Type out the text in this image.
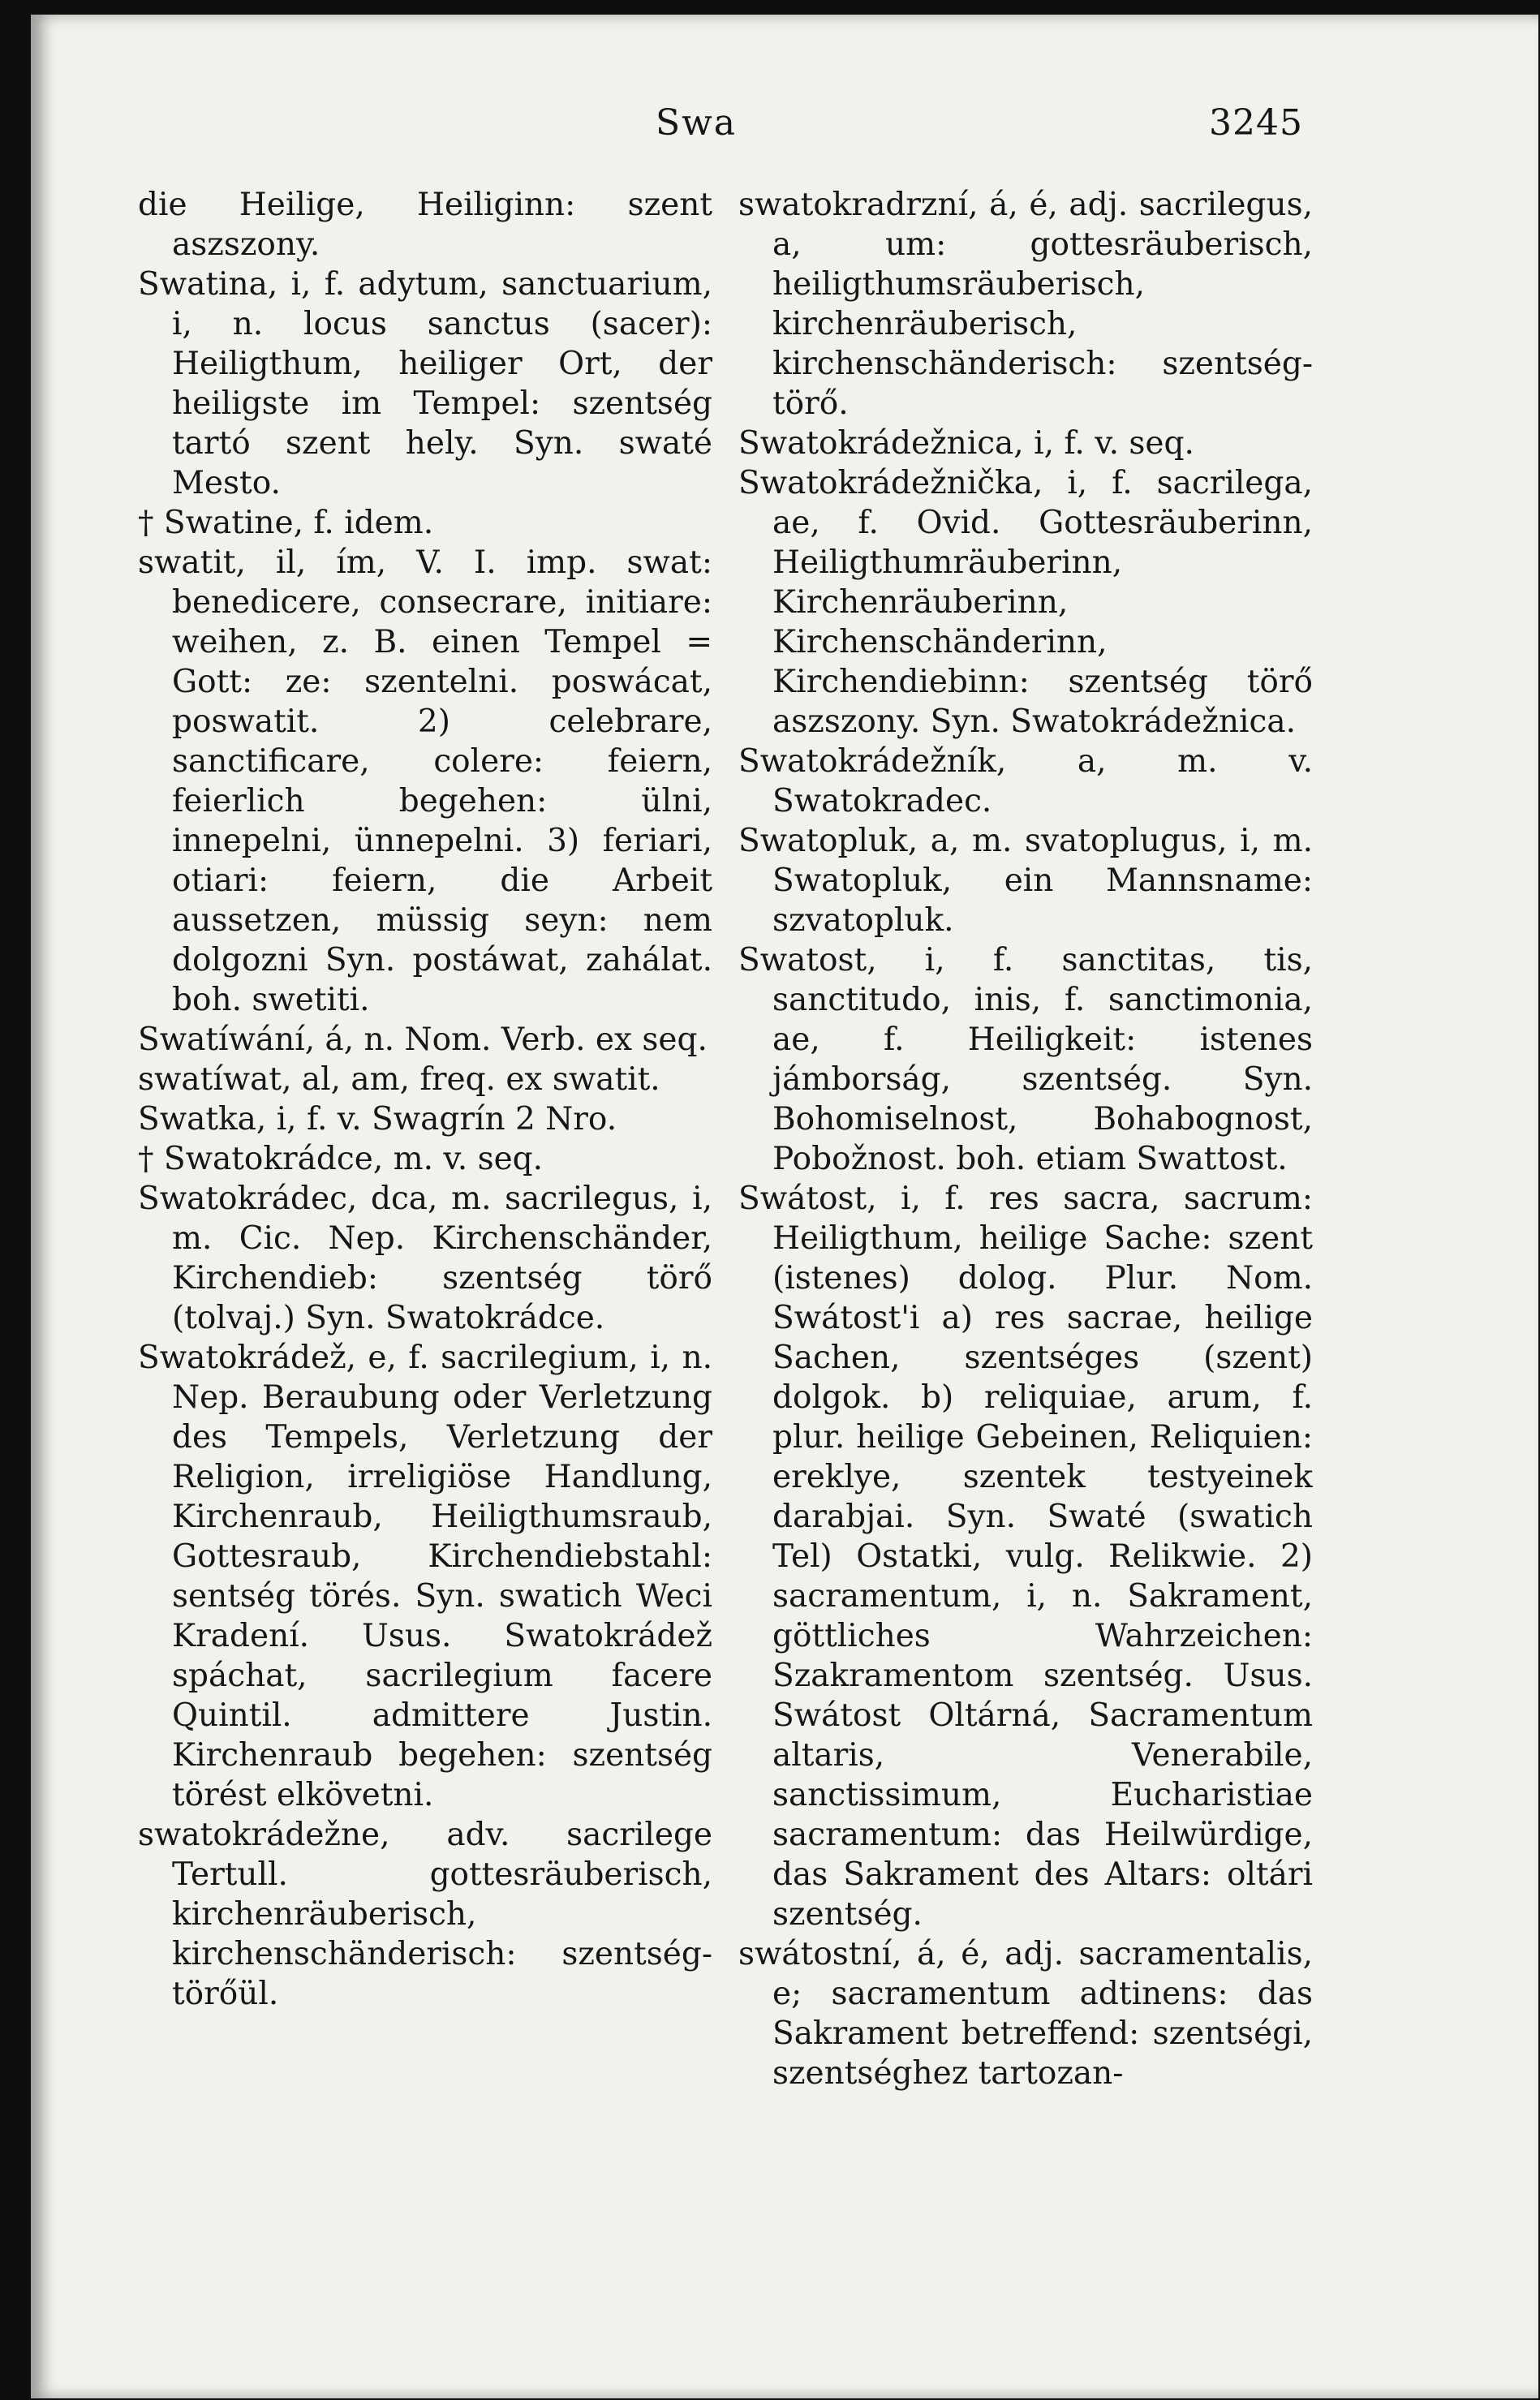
Swa	3245

die Heilige, Heiliginn: szent aszszony.

Swatina, i, f. adytum, sanctuarium, i, n. locus sanctus (sacer): Heiligthum, heiliger Ort, der heiligste im Tempel: szentség tartó szent hely. Syn. swaté Mesto.

† Swatine, f. idem.

swatit, il, ím, V. I. imp. swat: benedicere, consecrare, initiare: weihen, z. B. einen Tempel = Gott: ze: szentelni. poswácat, poswatit. 2) celebrare, sanctificare, colere: feiern, feierlich begehen: ülni, innepelni, ünnepelni. 3) feriari, otiari: feiern, die Arbeit aussetzen, müssig seyn: nem dolgozni Syn. postáwat, zahálat. boh. swetiti.

Swatíwání, á, n. Nom. Verb. ex seq.

swatíwat, al, am, freq. ex swatit.

Swatka, i, f. v. Swagrín 2 Nro.

† Swatokrádce, m. v. seq.

Swatokrádec, dca, m. sacrilegus, i, m. Cic. Nep. Kirchenschänder, Kirchendieb: szentség törő (tolvaj.) Syn. Swatokrádce.

Swatokrádež, e, f. sacrilegium, i, n. Nep. Beraubung oder Verletzung des Tempels, Verletzung der Religion, irreligiöse Handlung, Kirchenraub, Heiligthumsraub, Gottesraub, Kirchendiebstahl: sentség törés. Syn. swatich Weci Kradení. Usus. Swatokrádež spáchat, sacrilegium facere Quintil. admittere Justin. Kirchenraub begehen: szentség törést elkövetni.

swatokrádežne, adv. sacrilege Tertull. gottesräuberisch, kirchenräuberisch, kirchenschänderisch: szentség-törőül.

swatokradrzní, á, é, adj. sacrilegus, a, um: gottesräuberisch, heiligthumsräuberisch, kirchenräuberisch, kirchenschänderisch: szentség-törő.

Swatokrádežnica, i, f. v. seq.

Swatokrádežnička, i, f. sacrilega, ae, f. Ovid. Gottesräuberinn, Heiligthumräuberinn, Kirchenräuberinn, Kirchenschänderinn, Kirchendiebinn: szentség törő aszszony. Syn. Swatokrádežnica.

Swatokrádežník, a, m. v. Swatokradec.

Swatopluk, a, m. svatoplugus, i, m. Swatopluk, ein Mannsname: szvatopluk.

Swatost, i, f. sanctitas, tis, sanctitudo, inis, f. sanctimonia, ae, f. Heiligkeit: istenes jámborság, szentség. Syn. Bohomiselnost, Bohabognost, Pobožnost. boh. etiam Swattost.

Swátost, i, f. res sacra, sacrum: Heiligthum, heilige Sache: szent (istenes) dolog. Plur. Nom. Swátost'i a) res sacrae, heilige Sachen, szentséges (szent) dolgok. b) reliquiae, arum, f. plur. heilige Gebeinen, Reliquien: ereklye, szentek testyeinek darabjai. Syn. Swaté (swatich Tel) Ostatki, vulg. Relikwie. 2) sacramentum, i, n. Sakrament, göttliches Wahrzeichen: Szakramentom szentség. Usus. Swátost Oltárná, Sacramentum altaris, Venerabile, sanctissimum, Eucharistiae sacramentum: das Heilwürdige, das Sakrament des Altars: oltári szentség.

swátostní, á, é, adj. sacramentalis, e; sacramentum adtinens: das Sakrament betreffend: szentségi, szentséghez tartozan-
